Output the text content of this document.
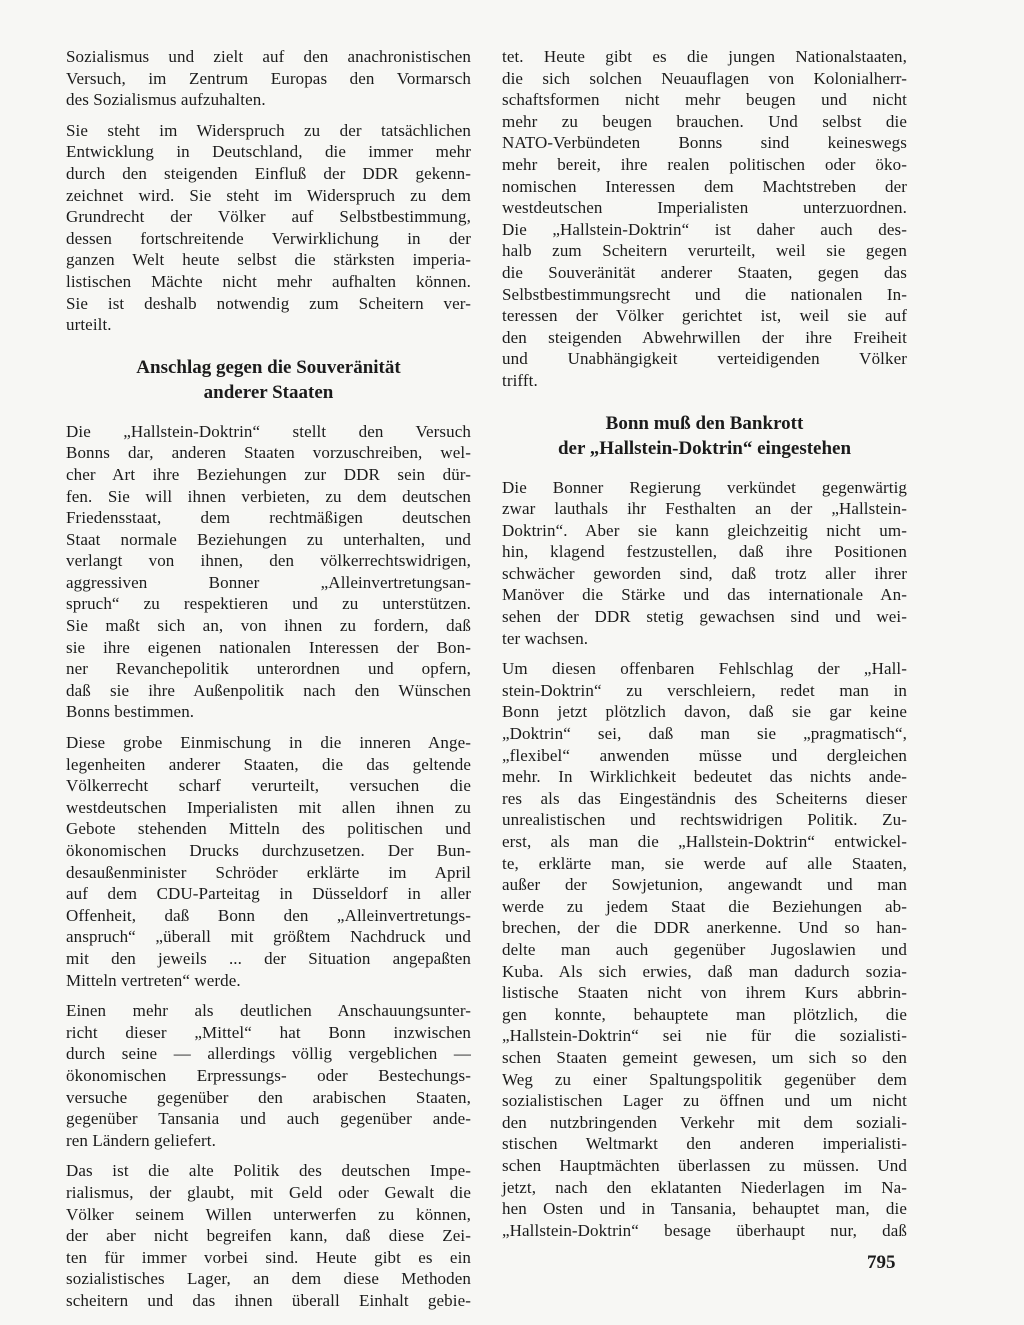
Sozialismus und zielt auf den anachronistischen
Versuch, im Zentrum Europas den Vormarsch
des Sozialismus aufzuhalten.
Sie steht im Widerspruch zu der tatsächlichen
Entwicklung in Deutschland, die immer mehr
durch den steigenden Einfluß der DDR gekenn-
zeichnet wird. Sie steht im Widerspruch zu dem
Grundrecht der Völker auf Selbstbestimmung,
dessen fortschreitende Verwirklichung in der
ganzen Welt heute selbst die stärksten imperia-
listischen Mächte nicht mehr aufhalten können.
Sie ist deshalb notwendig zum Scheitern ver-
urteilt.
Anschlag gegen die Souveränität
anderer Staaten
Die „Hallstein-Doktrin“ stellt den Versuch
Bonns dar, anderen Staaten vorzuschreiben, wel-
cher Art ihre Beziehungen zur DDR sein dür-
fen. Sie will ihnen verbieten, zu dem deutschen
Friedensstaat, dem rechtmäßigen deutschen
Staat normale Beziehungen zu unterhalten, und
verlangt von ihnen, den völkerrechtswidrigen,
aggressiven Bonner „Alleinvertretungsan-
spruch“ zu respektieren und zu unterstützen.
Sie maßt sich an, von ihnen zu fordern, daß
sie ihre eigenen nationalen Interessen der Bon-
ner Revanchepolitik unterordnen und opfern,
daß sie ihre Außenpolitik nach den Wünschen
Bonns bestimmen.
Diese grobe Einmischung in die inneren Ange-
legenheiten anderer Staaten, die das geltende
Völkerrecht scharf verurteilt, versuchen die
westdeutschen Imperialisten mit allen ihnen zu
Gebote stehenden Mitteln des politischen und
ökonomischen Drucks durchzusetzen. Der Bun-
desaußenminister Schröder erklärte im April
auf dem CDU-Parteitag in Düsseldorf in aller
Offenheit, daß Bonn den „Alleinvertretungs-
anspruch“ „überall mit größtem Nachdruck und
mit den jeweils ... der Situation angepaßten
Mitteln vertreten“ werde.
Einen mehr als deutlichen Anschauungsunter-
richt dieser „Mittel“ hat Bonn inzwischen
durch seine — allerdings völlig vergeblichen —
ökonomischen Erpressungs- oder Bestechungs-
versuche gegenüber den arabischen Staaten,
gegenüber Tansania und auch gegenüber ande-
ren Ländern geliefert.
Das ist die alte Politik des deutschen Impe-
rialismus, der glaubt, mit Geld oder Gewalt die
Völker seinem Willen unterwerfen zu können,
der aber nicht begreifen kann, daß diese Zei-
ten für immer vorbei sind. Heute gibt es ein
sozialistisches Lager, an dem diese Methoden
scheitern und das ihnen überall Einhalt gebie-
tet. Heute gibt es die jungen Nationalstaaten,
die sich solchen Neuauflagen von Kolonialherr-
schaftsformen nicht mehr beugen und nicht
mehr zu beugen brauchen. Und selbst die
NATO-Verbündeten Bonns sind keineswegs
mehr bereit, ihre realen politischen oder öko-
nomischen Interessen dem Machtstreben der
westdeutschen Imperialisten unterzuordnen.
Die „Hallstein-Doktrin“ ist daher auch des-
halb zum Scheitern verurteilt, weil sie gegen
die Souveränität anderer Staaten, gegen das
Selbstbestimmungsrecht und die nationalen In-
teressen der Völker gerichtet ist, weil sie auf
den steigenden Abwehrwillen der ihre Freiheit
und Unabhängigkeit verteidigenden Völker
trifft.
Bonn muß den Bankrott
der „Hallstein-Doktrin“ eingestehen
Die Bonner Regierung verkündet gegenwärtig
zwar lauthals ihr Festhalten an der „Hallstein-
Doktrin“. Aber sie kann gleichzeitig nicht um-
hin, klagend festzustellen, daß ihre Positionen
schwächer geworden sind, daß trotz aller ihrer
Manöver die Stärke und das internationale An-
sehen der DDR stetig gewachsen sind und wei-
ter wachsen.
Um diesen offenbaren Fehlschlag der „Hall-
stein-Doktrin“ zu verschleiern, redet man in
Bonn jetzt plötzlich davon, daß sie gar keine
„Doktrin“ sei, daß man sie „pragmatisch“,
„flexibel“ anwenden müsse und dergleichen
mehr. In Wirklichkeit bedeutet das nichts ande-
res als das Eingeständnis des Scheiterns dieser
unrealistischen und rechtswidrigen Politik. Zu-
erst, als man die „Hallstein-Doktrin“ entwickel-
te, erklärte man, sie werde auf alle Staaten,
außer der Sowjetunion, angewandt und man
werde zu jedem Staat die Beziehungen ab-
brechen, der die DDR anerkenne. Und so han-
delte man auch gegenüber Jugoslawien und
Kuba. Als sich erwies, daß man dadurch sozia-
listische Staaten nicht von ihrem Kurs abbrin-
gen konnte, behauptete man plötzlich, die
„Hallstein-Doktrin“ sei nie für die sozialisti-
schen Staaten gemeint gewesen, um sich so den
Weg zu einer Spaltungspolitik gegenüber dem
sozialistischen Lager zu öffnen und um nicht
den nutzbringenden Verkehr mit dem soziali-
stischen Weltmarkt den anderen imperialisti-
schen Hauptmächten überlassen zu müssen. Und
jetzt, nach den eklatanten Niederlagen im Na-
hen Osten und in Tansania, behauptet man, die
„Hallstein-Doktrin“ besage überhaupt nur, daß
795
